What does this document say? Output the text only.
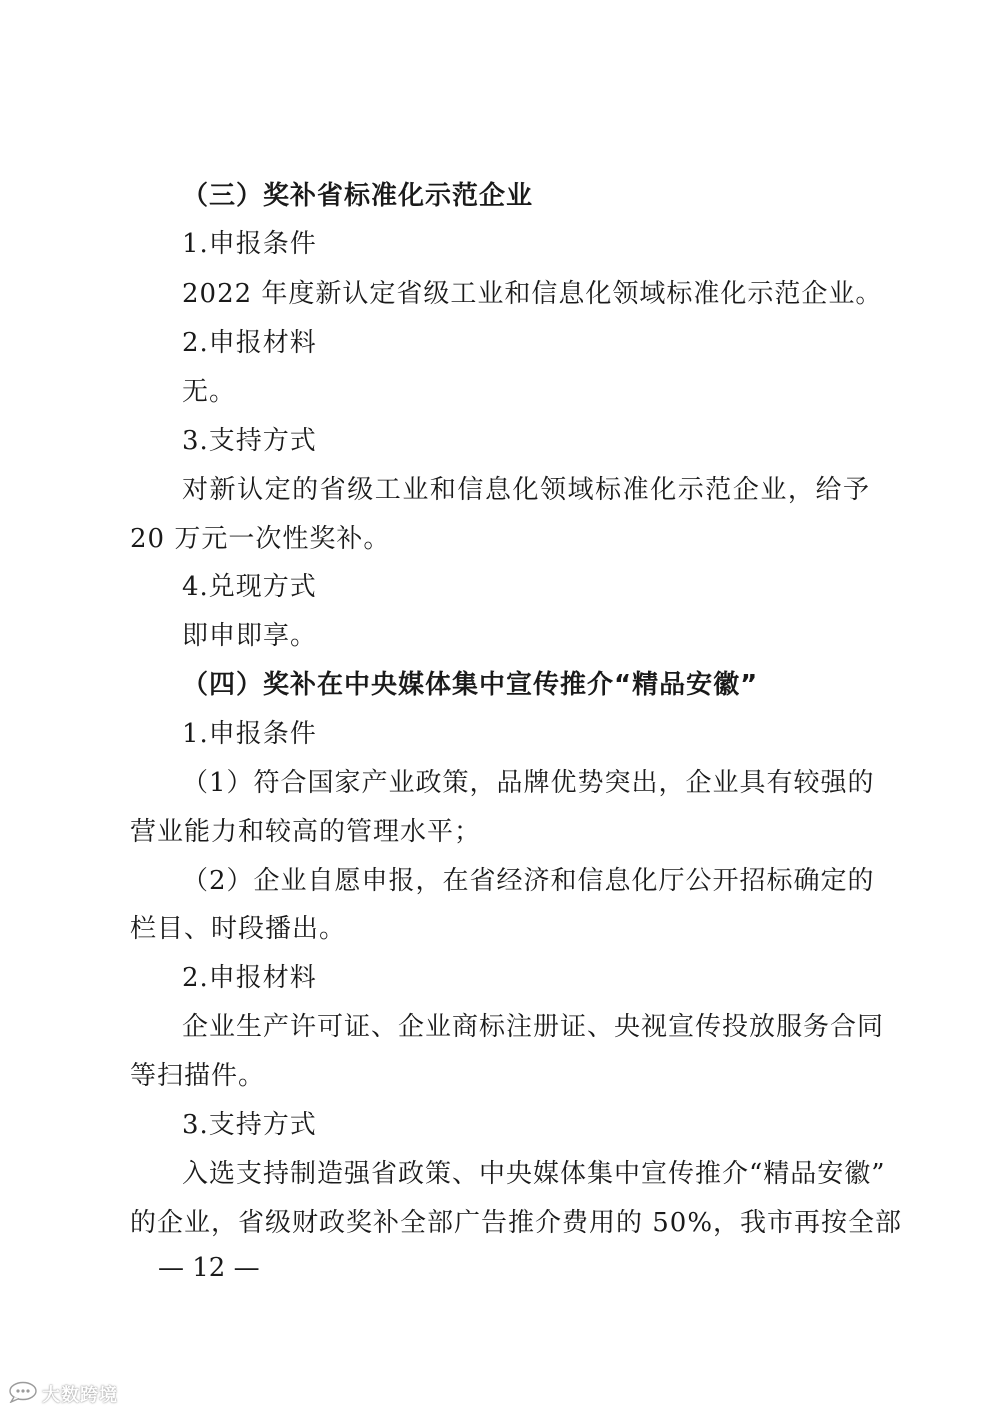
（三）奖补省标准化示范企业
1.申报条件
2022 年度新认定省级工业和信息化领域标准化示范企业。
2.申报材料
无。
3.支持方式
对新认定的省级工业和信息化领域标准化示范企业，给予
20 万元一次性奖补。
4.兑现方式
即申即享。
（四）奖补在中央媒体集中宣传推介“精品安徽”
1.申报条件
（1）符合国家产业政策，品牌优势突出，企业具有较强的
营业能力和较高的管理水平；
（2）企业自愿申报，在省经济和信息化厅公开招标确定的
栏目、时段播出。
2.申报材料
企业生产许可证、企业商标注册证、央视宣传投放服务合同
等扫描件。
3.支持方式
入选支持制造强省政策、中央媒体集中宣传推介“精品安徽”
的企业，省级财政奖补全部广告推介费用的 50%，我市再按全部
— 12 —
大数跨境
